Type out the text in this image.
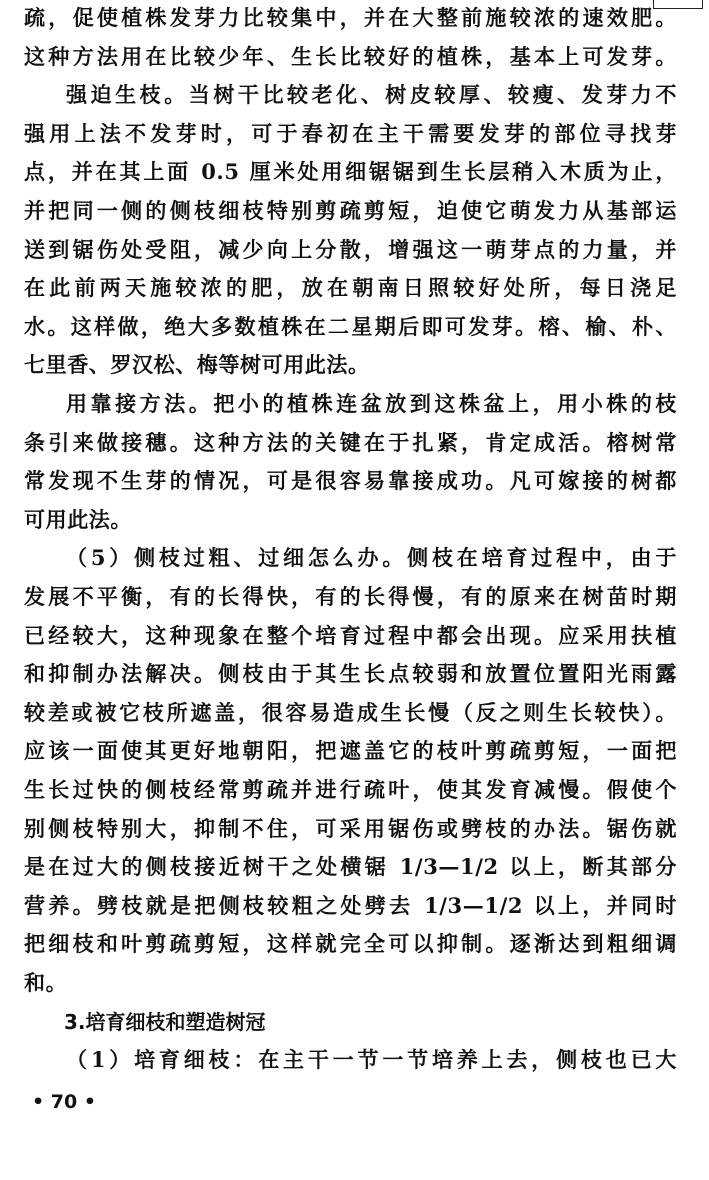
疏，促使植株发芽力比较集中，并在大整前施较浓的速效肥。
这种方法用在比较少年、生长比较好的植株，基本上可发芽。
强迫生枝。当树干比较老化、树皮较厚、较瘦、发芽力不
强用上法不发芽时，可于春初在主干需要发芽的部位寻找芽
点，并在其上面 0.5 厘米处用细锯锯到生长层稍入木质为止，
并把同一侧的侧枝细枝特别剪疏剪短，迫使它萌发力从基部运
送到锯伤处受阻，减少向上分散，增强这一萌芽点的力量，并
在此前两天施较浓的肥，放在朝南日照较好处所，每日浇足
水。这样做，绝大多数植株在二星期后即可发芽。榕、榆、朴、
七里香、罗汉松、梅等树可用此法。
用靠接方法。把小的植株连盆放到这株盆上，用小株的枝
条引来做接穗。这种方法的关键在于扎紧，肯定成活。榕树常
常发现不生芽的情况，可是很容易靠接成功。凡可嫁接的树都
可用此法。
（5）侧枝过粗、过细怎么办。侧枝在培育过程中，由于
发展不平衡，有的长得快，有的长得慢，有的原来在树苗时期
已经较大，这种现象在整个培育过程中都会出现。应采用扶植
和抑制办法解决。侧枝由于其生长点较弱和放置位置阳光雨露
较差或被它枝所遮盖，很容易造成生长慢（反之则生长较快）。
应该一面使其更好地朝阳，把遮盖它的枝叶剪疏剪短，一面把
生长过快的侧枝经常剪疏并进行疏叶，使其发育减慢。假使个
别侧枝特别大，抑制不住，可采用锯伤或劈枝的办法。锯伤就
是在过大的侧枝接近树干之处横锯 1/3—1/2 以上，断其部分
营养。劈枝就是把侧枝较粗之处劈去 1/3—1/2 以上，并同时
把细枝和叶剪疏剪短，这样就完全可以抑制。逐渐达到粗细调
和。
3.培育细枝和塑造树冠
（1）培育细枝：在主干一节一节培养上去，侧枝也已大
• 70 •
